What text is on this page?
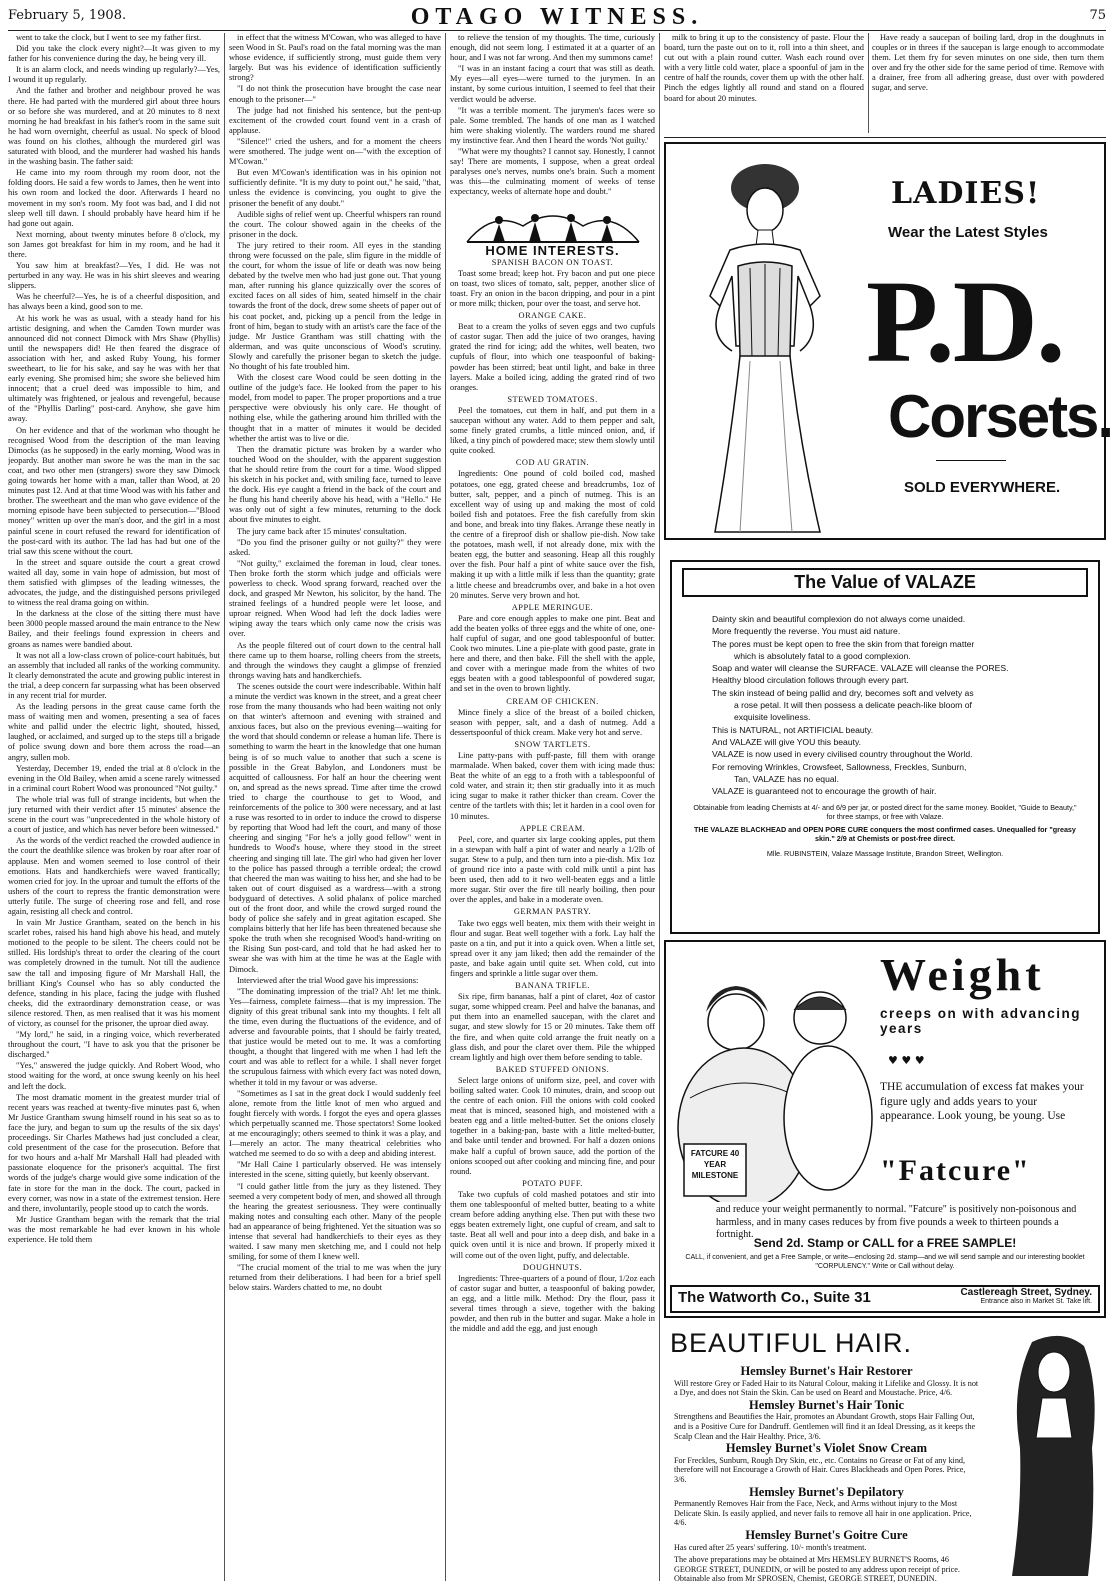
February 5, 1908.	OTAGO WITNESS.	75

went to take the clock, but I went to see my father first.

Did you take the clock every night?—It was given to my father for his convenience during the day, he being very ill.

It is an alarm clock, and needs winding up regularly?—Yes, I wound it up regularly.

And the father and brother and neighbour proved he was there. He had parted with the murdered girl about three hours or so before she was murdered, and at 20 minutes to 8 next morning he had breakfast in his father's room in the same suit he had worn overnight, cheerful as usual. No speck of blood was found on his clothes, although the murdered girl was saturated with blood, and the murderer had washed his hands in the washing basin. The father said:

He came into my room through my room door, not the folding doors. He said a few words to James, then he went into his own room and locked the door. Afterwards I heard no movement in my son's room. My foot was bad, and I did not sleep well till dawn. I should probably have heard him if he had gone out again.

Next morning, about twenty minutes before 8 o'clock, my son James got breakfast for him in my room, and he had it there.

You saw him at breakfast?—Yes, I did. He was not perturbed in any way. He was in his shirt sleeves and wearing slippers.

Was he cheerful?—Yes, he is of a cheerful disposition, and has always been a kind, good son to me.

At his work he was as usual, with a steady hand for his artistic designing, and when the Camden Town murder was announced did not connect Dimock with Mrs Shaw (Phyllis) until the newspapers did! He then feared the disgrace of association with her, and asked Ruby Young, his former sweetheart, to lie for his sake, and say he was with her that early evening. She promised him; she swore she believed him innocent; that a cruel deed was impossible to him, and ultimately was frightened, or jealous and revengeful, because of the "Phyllis Darling" post-card. Anyhow, she gave him away.

On her evidence and that of the workman who thought he recognised Wood from the description of the man leaving Dimocks (as he supposed) in the early morning, Wood was in jeopardy. But another man swore he was the man in the sac coat, and two other men (strangers) swore they saw Dimock going towards her home with a man, taller than Wood, at 20 minutes past 12. And at that time Wood was with his father and brother. The sweetheart and the man who gave evidence of the morning episode have been subjected to persecution—"Blood money" written up over the man's door, and the girl in a most painful scene in court refused the reward for identification of the post-card with its author. The lad has had but one of the trial saw this scene without the court.

In the street and square outside the court a great crowd waited all day, some in vain hope of admission, but most of them satisfied with glimpses of the leading witnesses, the advocates, the judge, and the distinguished persons privileged to witness the real drama going on within.

In the darkness at the close of the sitting there must have been 3000 people massed around the main entrance to the New Bailey, and their feelings found expression in cheers and groans as names were bandied about.

It was not all a low-class crown of police-court habitués, but an assembly that included all ranks of the working community. It clearly demonstrated the acute and growing public interest in the trial, a deep concern far surpassing what has been observed in any recent trial for murder.

As the leading persons in the great cause came forth the mass of waiting men and women, presenting a sea of faces white and pallid under the electric light, shouted, hissed, laughed, or acclaimed, and surged up to the steps till a brigade of police swung down and bore them across the road—an angry, sullen mob.

Yesterday, December 19, ended the trial at 8 o'clock in the evening in the Old Bailey, when amid a scene rarely witnessed in a criminal court Robert Wood was pronounced "Not guilty."

The whole trial was full of strange incidents, but when the jury returned with their verdict after 15 minutes' absence the scene in the court was "unprecedented in the whole history of a court of justice, and which has never before been witnessed."

As the words of the verdict reached the crowded audience in the court the deathlike silence was broken by roar after roar of applause. Men and women seemed to lose control of their emotions. Hats and handkerchiefs were waved frantically; women cried for joy. In the uproar and tumult the efforts of the ushers of the court to repress the frantic demonstration were utterly futile. The surge of cheering rose and fell, and rose again, resisting all check and control.

In vain Mr Justice Grantham, seated on the bench in his scarlet robes, raised his hand high above his head, and mutely motioned to the people to be silent. The cheers could not be stilled. His lordship's threat to order the clearing of the court was completely drowned in the tumult. Not till the audience saw the tall and imposing figure of Mr Marshall Hall, the brilliant King's Counsel who has so ably conducted the defence, standing in his place, facing the judge with flushed cheeks, did the extraordinary demonstration cease, or was silence restored. Then, as men realised that it was his moment of victory, as counsel for the prisoner, the uproar died away.

"My lord," he said, in a ringing voice, which reverberated throughout the court, "I have to ask you that the prisoner be discharged."

"Yes," answered the judge quickly. And Robert Wood, who stood waiting for the word, at once swung keenly on his heel and left the dock.

The most dramatic moment in the greatest murder trial of recent years was reached at twenty-five minutes past 6, when Mr Justice Grantham swung himself round in his seat so as to face the jury, and began to sum up the results of the six days' proceedings. Sir Charles Mathews had just concluded a clear, cold presentment of the case for the prosecution. Before that for two hours and a-half Mr Marshall Hall had pleaded with passionate eloquence for the prisoner's acquittal. The first words of the judge's charge would give some indication of the fate in store for the man in the dock. The court, packed in every corner, was now in a state of the extremest tension. Here and there, involuntarily, people stood up to catch the words.

Mr Justice Grantham began with the remark that the trial was the most remarkable he had ever known in his whole experience. He told them

in effect that the witness M'Cowan, who was alleged to have seen Wood in St. Paul's road on the fatal morning was the man whose evidence, if sufficiently strong, must guide them very largely. But was his evidence of identification sufficiently strong?

"I do not think the prosecution have brought the case near enough to the prisoner—"

The judge had not finished his sentence, but the pent-up excitement of the crowded court found vent in a crash of applause.

"Silence!" cried the ushers, and for a moment the cheers were smothered. The judge went on—"with the exception of M'Cowan."

But even M'Cowan's identification was in his opinion not sufficiently definite. "It is my duty to point out," he said, "that, unless the evidence is convincing, you ought to give the prisoner the benefit of any doubt."

Audible sighs of relief went up. Cheerful whispers ran round the court. The colour showed again in the cheeks of the prisoner in the dock.

The jury retired to their room. All eyes in the standing throng were focussed on the pale, slim figure in the middle of the court, for whom the issue of life or death was now being debated by the twelve men who had just gone out. That young man, after running his glance quizzically over the scores of excited faces on all sides of him, seated himself in the chair towards the front of the dock, drew some sheets of paper out of his coat pocket, and, picking up a pencil from the ledge in front of him, began to study with an artist's care the face of the judge. Mr Justice Grantham was still chatting with the alderman, and was quite unconscious of Wood's scrutiny. Slowly and carefully the prisoner began to sketch the judge. No thought of his fate troubled him.

With the closest care Wood could be seen dotting in the outline of the judge's face. He looked from the paper to his model, from model to paper. The proper proportions and a true perspective were obviously his only care. He thought of nothing else, while the gathering around him thrilled with the thought that in a matter of minutes it would be decided whether the artist was to live or die.

Then the dramatic picture was broken by a warder who touched Wood on the shoulder, with the apparent suggestion that he should retire from the court for a time. Wood slipped his sketch in his pocket and, with smiling face, turned to leave the dock. His eye caught a friend in the back of the court and he flung his hand cheerily above his head, with a "Hello." He was only out of sight a few minutes, returning to the dock about five minutes to eight.

The jury came back after 15 minutes' consultation.

"Do you find the prisoner guilty or not guilty?" they were asked.

"Not guilty," exclaimed the foreman in loud, clear tones. Then broke forth the storm which judge and officials were powerless to check. Wood sprang forward, reached over the dock, and grasped Mr Newton, his solicitor, by the hand. The strained feelings of a hundred people were let loose, and uproar reigned. When Wood had left the dock ladies were wiping away the tears which only came now the crisis was over.

As the people filtered out of court down to the central hall there came up to them hoarse, rolling cheers from the streets, and through the windows they caught a glimpse of frenzied throngs waving hats and handkerchiefs.

The scenes outside the court were indescribable. Within half a minute the verdict was known in the street, and a great cheer rose from the many thousands who had been waiting not only on that winter's afternoon and evening with strained and anxious faces, but also on the previous evening—waiting for the word that should condemn or release a human life. There is something to warm the heart in the knowledge that one human being is of so much value to another that such a scene is possible in the Great Babylon, and Londoners must be acquitted of callousness. For half an hour the cheering went on, and spread as the news spread. Time after time the crowd tried to charge the courthouse to get to Wood, and reinforcements of the police to 300 were necessary, and at last a ruse was resorted to in order to induce the crowd to disperse by reporting that Wood had left the court, and many of those cheering and singing "For he's a jolly good fellow" went in hundreds to Wood's house, where they stood in the street cheering and singing till late. The girl who had given her lover to the police has passed through a terrible ordeal; the crowd that cheered the man was waiting to hiss her, and she had to be taken out of court disguised as a wardress—with a strong bodyguard of detectives. A solid phalanx of police marched out of the front door, and while the crowd surged round the body of police she safely and in great agitation escaped. She complains bitterly that her life has been threatened because she spoke the truth when she recognised Wood's hand-writing on the Rising Sun post-card, and told that he had asked her to swear she was with him at the time he was at the Eagle with Dimock.

Interviewed after the trial Wood gave his impressions:

"The dominating impression of the trial? Ah! let me think. Yes—fairness, complete fairness—that is my impression. The dignity of this great tribunal sank into my thoughts. I felt all the time, even during the fluctuations of the evidence, and of adverse and favourable points, that I should be fairly treated, that justice would be meted out to me. It was a comforting thought, a thought that lingered with me when I had left the court and was able to reflect for a while. I shall never forget the scrupulous fairness with which every fact was noted down, whether it told in my favour or was adverse.

"Sometimes as I sat in the great dock I would suddenly feel alone, remote from the little knot of men who argued and fought fiercely with words. I forgot the eyes and opera glasses which perpetually scanned me. Those spectators! Some looked at me encouragingly; others seemed to think it was a play, and I—merely an actor. The many theatrical celebrities who watched me seemed to do so with a deep and abiding interest.

"Mr Hall Caine I particularly observed. He was intensely interested in the scene, sitting quietly, but keenly observant.

"I could gather little from the jury as they listened. They seemed a very competent body of men, and showed all through the hearing the greatest seriousness. They were continually making notes and consulting each other. Many of the people had an appearance of being frightened. Yet the situation was so intense that several had handkerchiefs to their eyes as they waited. I saw many men sketching me, and I could not help smiling, for some of them I knew well.

"The crucial moment of the trial to me was when the jury returned from their deliberations. I had been for a brief spell below stairs. Warders chatted to me, no doubt

to relieve the tension of my thoughts. The time, curiously enough, did not seem long. I estimated it at a quarter of an hour, and I was not far wrong. And then my summons came!

"I was in an instant facing a court that was still as death. My eyes—all eyes—were turned to the jurymen. In an instant, by some curious intuition, I seemed to feel that their verdict would be adverse.

"It was a terrible moment. The jurymen's faces were so pale. Some trembled. The hands of one man as I watched him were shaking violently. The warders round me shared my instinctive fear. And then I heard the words 'Not guilty.'

"What were my thoughts? I cannot say. Honestly, I cannot say! There are moments, I suppose, when a great ordeal paralyses one's nerves, numbs one's brain. Such a moment was this—the culminating moment of weeks of tense expectancy, weeks of alternate hope and doubt."

HOME INTERESTS.

SPANISH BACON ON TOAST.

Toast some bread; keep hot. Fry bacon and put one piece on toast, two slices of tomato, salt, pepper, another slice of toast. Fry an onion in the bacon dripping, and pour in a pint or more milk; thicken, pour over the toast, and serve hot.

ORANGE CAKE.

Beat to a cream the yolks of seven eggs and two cupfuls of castor sugar. Then add the juice of two oranges, having grated the rind for icing; add the whites, well beaten, two cupfuls of flour, into which one teaspoonful of baking-powder has been stirred; beat until light, and bake in three layers. Make a boiled icing, adding the grated rind of two oranges.

STEWED TOMATOES.

Peel the tomatoes, cut them in half, and put them in a saucepan without any water. Add to them pepper and salt, some finely grated crumbs, a little minced onion, and, if liked, a tiny pinch of powdered mace; stew them slowly until quite cooked.

COD AU GRATIN.

Ingredients: One pound of cold boiled cod, mashed potatoes, one egg, grated cheese and breadcrumbs, 1oz of butter, salt, pepper, and a pinch of nutmeg. This is an excellent way of using up and making the most of cold boiled fish and potatoes. Free the fish carefully from skin and bone, and break into tiny flakes. Arrange these neatly in the centre of a fireproof dish or shallow pie-dish. Now take the potatoes, mash well, if not already done, mix with the beaten egg, the butter and seasoning. Heap all this roughly over the fish. Pour half a pint of white sauce over the fish, making it up with a little milk if less than the quantity; grate a little cheese and breadcrumbs over, and bake in a hot oven 20 minutes. Serve very brown and hot.

APPLE MERINGUE.

Pare and core enough apples to make one pint. Beat and add the beaten yolks of three eggs and the white of one, one-half cupful of sugar, and one good tablespoonful of butter. Cook two minutes. Line a pie-plate with good paste, grate in here and there, and then bake. Fill the shell with the apple, and cover with a meringue made from the whites of two eggs beaten with a good tablespoonful of powdered sugar, and set in the oven to brown lightly.

CREAM OF CHICKEN.

Mince finely a slice of the breast of a boiled chicken, season with pepper, salt, and a dash of nutmeg. Add a dessertspoonful of thick cream. Make very hot and serve.

SNOW TARTLETS.

Line patty-pans with puff-paste, fill them with orange marmalade. When baked, cover them with icing made thus: Beat the white of an egg to a froth with a tablespoonful of cold water, and strain it; then stir gradually into it as much icing sugar to make it rather thicker than cream. Cover the centre of the tartlets with this; let it harden in a cool oven for 10 minutes.

APPLE CREAM.

Peel, core, and quarter six large cooking apples, put them in a stewpan with half a pint of water and nearly a 1/2lb of sugar. Stew to a pulp, and then turn into a pie-dish. Mix 1oz of ground rice into a paste with cold milk until a pint has been used, then add to it two well-beaten eggs and a little more sugar. Stir over the fire till nearly boiling, then pour over the apples, and bake in a moderate oven.

GERMAN PASTRY.

Take two eggs well beaten, mix them with their weight in flour and sugar. Beat well together with a fork. Lay half the paste on a tin, and put it into a quick oven. When a little set, spread over it any jam liked; then add the remainder of the paste, and bake again until quite set. When cold, cut into fingers and sprinkle a little sugar over them.

BANANA TRIFLE.

Six ripe, firm bananas, half a pint of claret, 4oz of castor sugar, some whipped cream. Peel and halve the bananas, and put them into an enamelled saucepan, with the claret and sugar, and stew slowly for 15 or 20 minutes. Take them off the fire, and when quite cold arrange the fruit neatly on a glass dish, and pour the claret over them. Pile the whipped cream lightly and high over them before sending to table.

BAKED STUFFED ONIONS.

Select large onions of uniform size, peel, and cover with boiling salted water. Cook 10 minutes, drain, and scoop out the centre of each onion. Fill the onions with cold cooked meat that is minced, seasoned high, and moistened with a beaten egg and a little melted-butter. Set the onions closely together in a baking-pan, baste with a little melted-butter, and bake until tender and browned. For half a dozen onions make half a cupful of brown sauce, add the portion of the onions scooped out after cooking and mincing fine, and pour round.

POTATO PUFF.

Take two cupfuls of cold mashed potatoes and stir into them one tablespoonful of melted butter, beating to a white cream before adding anything else. Then put with these two eggs beaten extremely light, one cupful of cream, and salt to taste. Beat all well and pour into a deep dish, and bake in a quick oven until it is nice and brown. If properly mixed it will come out of the oven light, puffy, and delectable.

DOUGHNUTS.

Ingredients: Three-quarters of a pound of flour, 1/2oz each of castor sugar and butter, a teaspoonful of baking powder, an egg, and a little milk. Method: Dry the flour, pass it several times through a sieve, together with the baking powder, and then rub in the butter and sugar. Make a hole in the middle and add the egg, and just enough

milk to bring it up to the consistency of paste. Flour the board, turn the paste out on to it, roll into a thin sheet, and cut out with a plain round cutter. Wash each round over with a very little cold water, place a spoonful of jam in the centre of half the rounds, cover them up with the other half. Pinch the edges lightly all round and stand on a floured board for about 20 minutes.

Have ready a saucepan of boiling lard, drop in the doughnuts in couples or in threes if the saucepan is large enough to accommodate them. Let them fry for seven minutes on one side, then turn them over and fry the other side for the same period of time. Remove with a drainer, free from all adhering grease, dust over with powdered sugar, and serve.

LADIES!
Wear the Latest Styles
P.D.
Corsets.
SOLD EVERYWHERE.
The Value of VALAZE
Dainty skin and beautiful complexion do not always come unaided.
More frequently the reverse. You must aid nature.
The pores must be kept open to free the skin from that foreign matter
which is absolutely fatal to a good complexion.
Soap and water will cleanse the SURFACE. VALAZE will cleanse the PORES.
Healthy blood circulation follows through every part.
The skin instead of being pallid and dry, becomes soft and velvety as
a rose petal. It will then possess a delicate peach-like bloom of
exquisite loveliness.
This is NATURAL, not ARTIFICIAL beauty.
And VALAZE will give YOU this beauty.
VALAZE is now used in every civilised country throughout the World.
For removing Wrinkles, Crowsfeet, Sallowness, Freckles, Sunburn,
Tan, VALAZE has no equal.
VALAZE is guaranteed not to encourage the growth of hair.
Obtainable from leading Chemists at 4/- and 6/9 per jar, or posted direct for the same money. Booklet, "Guide to Beauty," for three stamps, or free with Valaze.
THE VALAZE BLACKHEAD and OPEN PORE CURE conquers the most confirmed cases. Unequalled for "greasy skin." 2/9 at Chemists or post-free direct.
Mlle. RUBINSTEIN, Valaze Massage Institute, Brandon Street, Wellington.
FATCURE 40 YEAR MILESTONE
Weight
creeps on with advancing years
♥ ♥ ♥
THE accumulation of excess fat makes your figure ugly and adds years to your appearance. Look young, be young. Use
"Fatcure"
and reduce your weight permanently to normal. "Fatcure" is positively non-poisonous and harmless, and in many cases reduces by from five pounds a week to thirteen pounds a fortnight.
Send 2d. Stamp or CALL for a FREE SAMPLE!
CALL, if convenient, and get a Free Sample, or write—enclosing 2d. stamp—and we will send sample and our interesting booklet "CORPULENCY." Write or Call without delay.
The Watworth Co., Suite 31	Castlereagh Street, Sydney.
Entrance also in Market St. Take lift.
BEAUTIFUL HAIR.
Hemsley Burnet's Hair Restorer
Will restore Grey or Faded Hair to its Natural Colour, making it Lifelike and Glossy. It is not a Dye, and does not Stain the Skin. Can be used on Beard and Moustache. Price, 4/6.
Hemsley Burnet's Hair Tonic
Strengthens and Beautifies the Hair, promotes an Abundant Growth, stops Hair Falling Out, and is a Positive Cure for Dandruff. Gentlemen will find it an Ideal Dressing, as it keeps the Scalp Clean and the Hair Healthy. Price, 3/6.
Hemsley Burnet's Violet Snow Cream
For Freckles, Sunburn, Rough Dry Skin, etc., etc. Contains no Grease or Fat of any kind, therefore will not Encourage a Growth of Hair. Cures Blackheads and Open Pores. Price, 3/6.
Hemsley Burnet's Depilatory
Permanently Removes Hair from the Face, Neck, and Arms without injury to the Most Delicate Skin. Is easily applied, and never fails to remove all hair in one application. Price, 4/6.
Hemsley Burnet's Goitre Cure
Has cured after 25 years' suffering. 10/- month's treatment.
The above preparations may be obtained at Mrs HEMSLEY BURNET'S Rooms, 46 GEORGE STREET, DUNEDIN, or will be posted to any address upon receipt of price.
Obtainable also from Mr SPROSEN, Chemist, GEORGE STREET, DUNEDIN.
